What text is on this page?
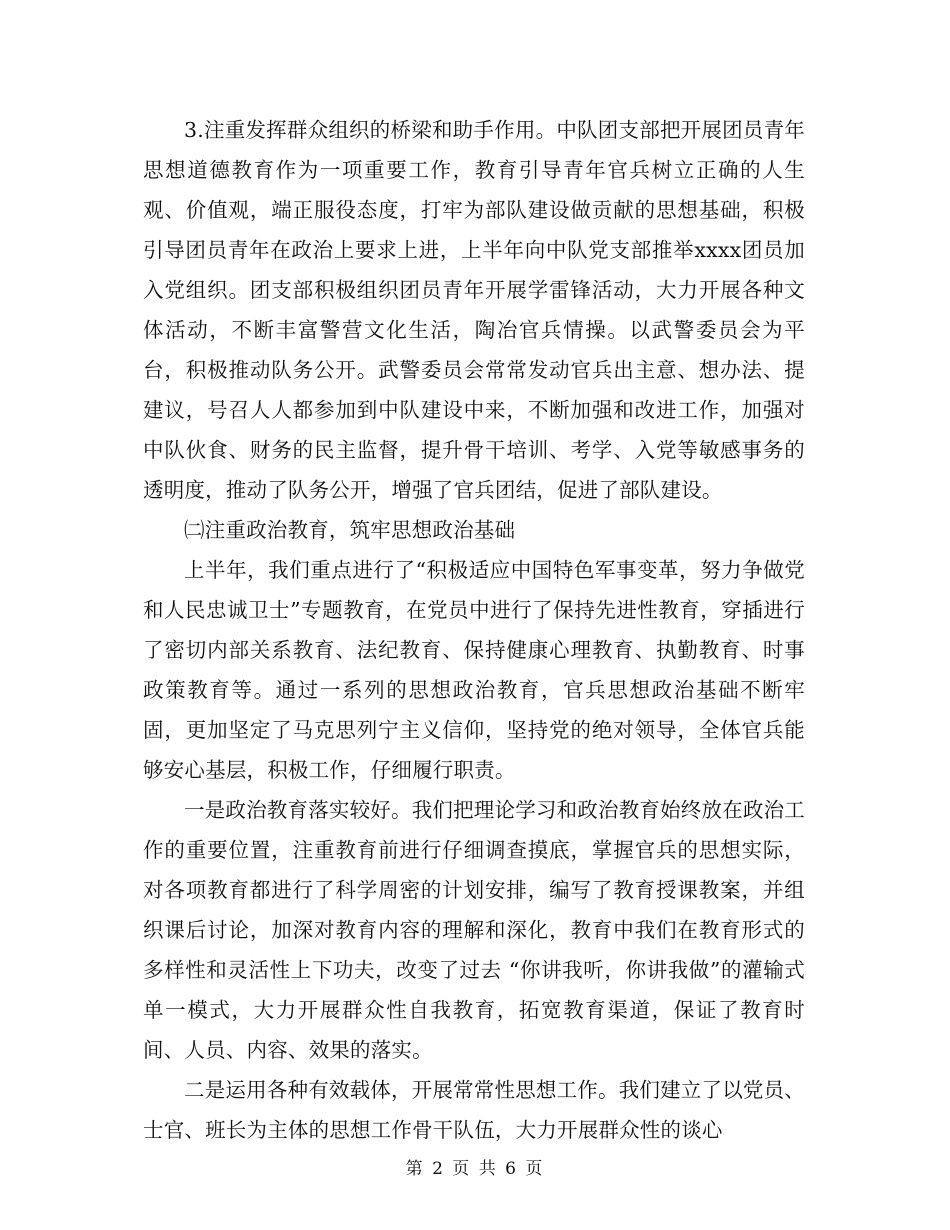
3.注重发挥群众组织的桥梁和助手作用。中队团支部把开展团员青年思想道德教育作为一项重要工作，教育引导青年官兵树立正确的人生观、价值观，端正服役态度，打牢为部队建设做贡献的思想基础，积极引导团员青年在政治上要求上进，上半年向中队党支部推举xxxx团员加入党组织。团支部积极组织团员青年开展学雷锋活动，大力开展各种文体活动，不断丰富警营文化生活，陶冶官兵情操。以武警委员会为平台，积极推动队务公开。武警委员会常常发动官兵出主意、想办法、提建议，号召人人都参加到中队建设中来，不断加强和改进工作，加强对中队伙食、财务的民主监督，提升骨干培训、考学、入党等敏感事务的透明度，推动了队务公开，增强了官兵团结，促进了部队建设。

㈡注重政治教育，筑牢思想政治基础

上半年，我们重点进行了“积极适应中国特色军事变革，努力争做党和人民忠诚卫士”专题教育，在党员中进行了保持先进性教育，穿插进行了密切内部关系教育、法纪教育、保持健康心理教育、执勤教育、时事政策教育等。通过一系列的思想政治教育，官兵思想政治基础不断牢固，更加坚定了马克思列宁主义信仰，坚持党的绝对领导，全体官兵能够安心基层，积极工作，仔细履行职责。

一是政治教育落实较好。我们把理论学习和政治教育始终放在政治工作的重要位置，注重教育前进行仔细调查摸底，掌握官兵的思想实际，对各项教育都进行了科学周密的计划安排，编写了教育授课教案，并组织课后讨论，加深对教育内容的理解和深化，教育中我们在教育形式的多样性和灵活性上下功夫，改变了过去 “你讲我听，你讲我做”的灌输式单一模式，大力开展群众性自我教育，拓宽教育渠道，保证了教育时间、人员、内容、效果的落实。

二是运用各种有效载体，开展常常性思想工作。我们建立了以党员、士官、班长为主体的思想工作骨干队伍，大力开展群众性的谈心

第 2 页 共 6 页
